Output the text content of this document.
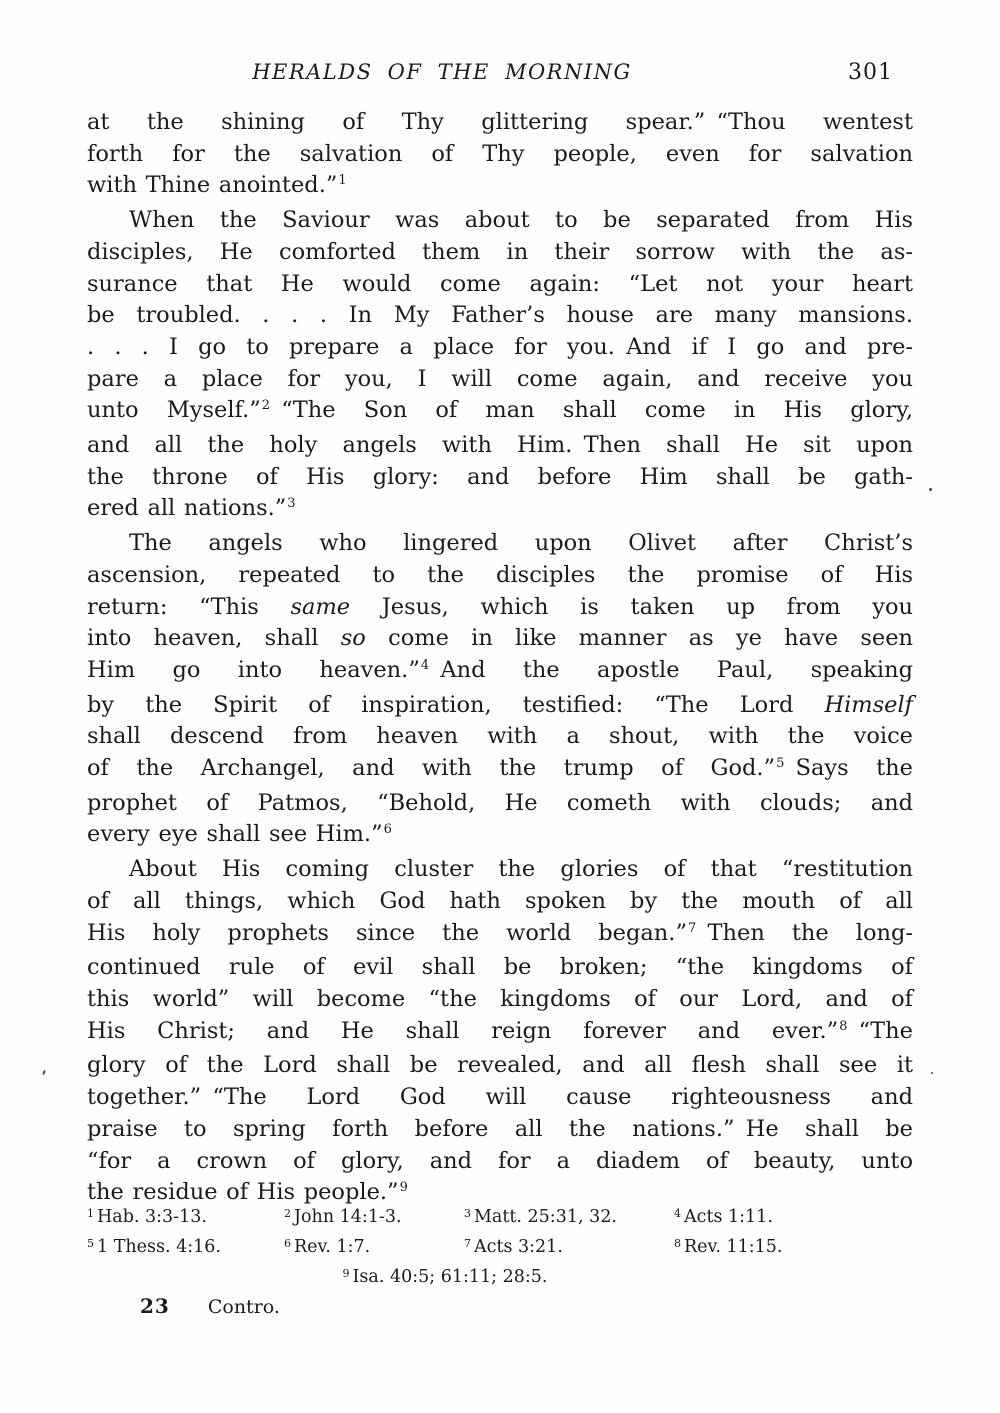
HERALDS OF THE MORNING	301
at the shining of Thy glittering spear.” “Thou wentest
forth for the salvation of Thy people, even for salvation
with Thine anointed.”$^1$
When the Saviour was about to be separated from His
disciples, He comforted them in their sorrow with the as-
surance that He would come again: “Let not your heart
be troubled. . . . In My Father’s house are many mansions.
. . . I go to prepare a place for you. And if I go and pre-
pare a place for you, I will come again, and receive you
unto Myself.”$^2$ “The Son of man shall come in His glory,
and all the holy angels with Him. Then shall He sit upon
the throne of His glory: and before Him shall be gath-
ered all nations.”$^3$
The angels who lingered upon Olivet after Christ’s
ascension, repeated to the disciples the promise of His
return: “This same Jesus, which is taken up from you
into heaven, shall so come in like manner as ye have seen
Him go into heaven.”$^4$ And the apostle Paul, speaking
by the Spirit of inspiration, testified: “The Lord Himself
shall descend from heaven with a shout, with the voice
of the Archangel, and with the trump of God.”$^5$ Says the
prophet of Patmos, “Behold, He cometh with clouds; and
every eye shall see Him.”$^6$
About His coming cluster the glories of that “restitution
of all things, which God hath spoken by the mouth of all
His holy prophets since the world began.”$^7$ Then the long-
continued rule of evil shall be broken; “the kingdoms of
this world” will become “the kingdoms of our Lord, and of
His Christ; and He shall reign forever and ever.”$^8$ “The
glory of the Lord shall be revealed, and all flesh shall see it
together.” “The Lord God will cause righteousness and
praise to spring forth before all the nations.” He shall be
“for a crown of glory, and for a diadem of beauty, unto
the residue of His people.”$^9$
$^1$ Hab. 3:3-13.	$^2$ John 14:1-3.	$^3$ Matt. 25:31, 32.	$^4$ Acts 1:11.
$^5$ 1 Thess. 4:16.	$^6$ Rev. 1:7.	$^7$ Acts 3:21.	$^8$ Rev. 11:15.
$^9$ Isa. 40:5; 61:11; 28:5.
23 Contro.
